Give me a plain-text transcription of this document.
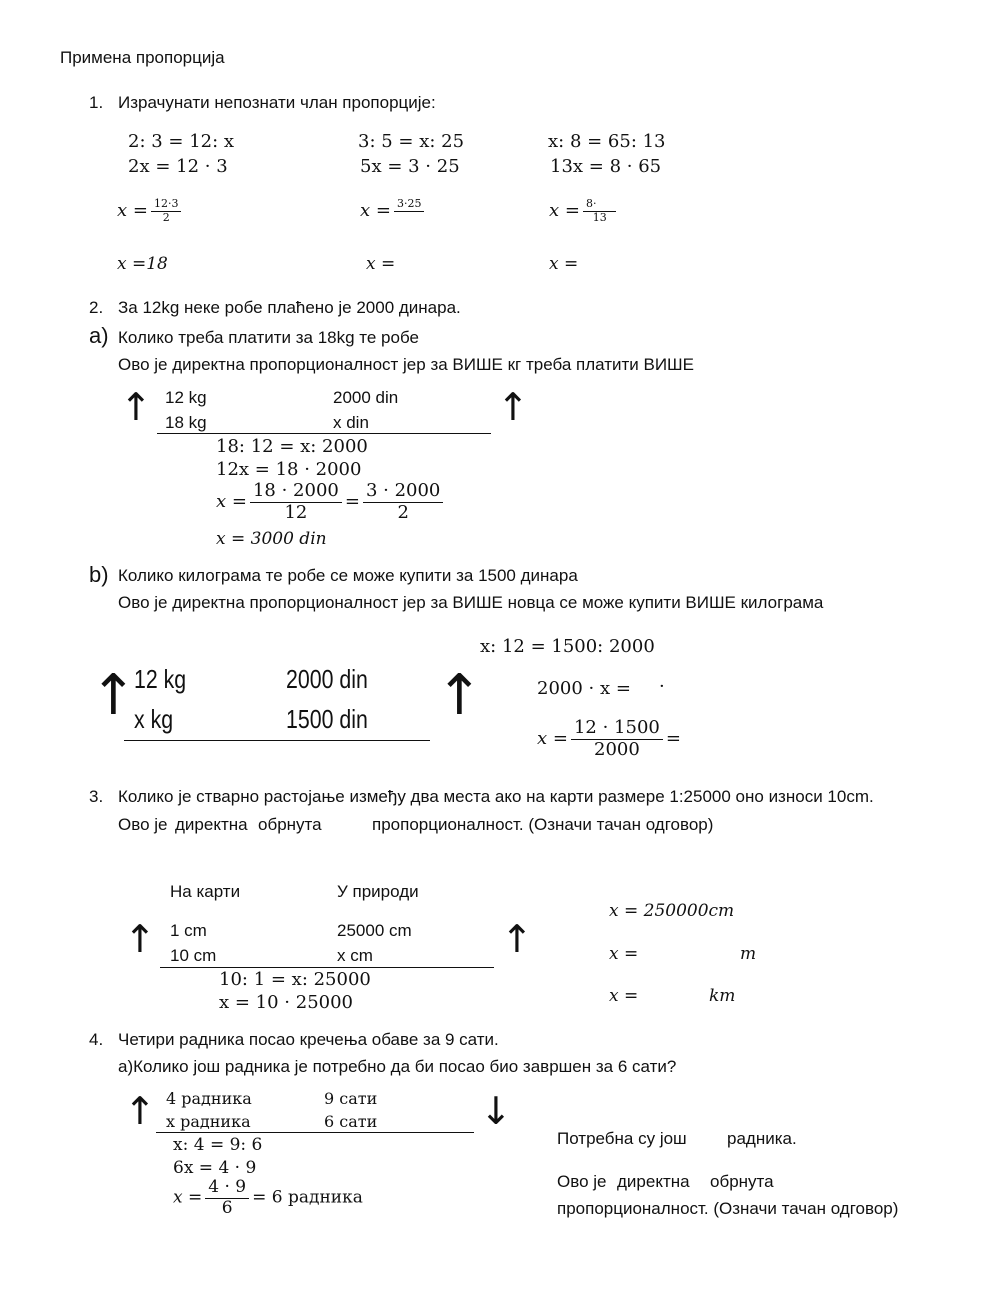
Примена пропорција
1. Израчунати непознати члан пропорције:
2: 3 = 12: x
2x = 12 · 3
$x = \frac{12\cdot 3}{2}$
x =18
3: 5 = x: 25
5x = 3 · 25
x = 3·25

x =
x: 8 = 65: 13
13x = 8 · 65
$x = \frac{8\cdot}{13}$
x =
2. За 12kg неке робе плаћено је 2000 динара.
a) Колико треба платити за 18kg те робе
Ово је директна пропорционалност јер за ВИШЕ кг треба платити ВИШЕ
↑ 12 kg	2000 din
18 kg	x din	↑
18: 12 = x: 2000
12x = 18 · 2000
$x = \frac{18 \cdot 2000}{12} = \frac{3 \cdot 2000}{2}$
x = 3000 din
b) Колико килограма те робе се може купити за 1500 динара
Ово је директна пропорционалност јер за ВИШЕ новца се може купити ВИШЕ килограма
x: 12 = 1500: 2000
2000 · x = ·
$x = \frac{12 \cdot 1500}{2000}$ =
↑
12 kg	2000 din
x kg	1500 din ↑
3. Колико је стварно растојање између два места ако на карти размере 1:25000 оно износи 10cm.
Ово је директна обрнута	пропорционалност. (Означи тачан одговор)
На карти	У природи
↑ 1 cm	25000 cm
10 cm	x cm	↑
10: 1 = x: 25000
x = 10 · 25000
x = 250000cm
x =	m
x =	km
4. Четири радника посао кречења обаве за 9 сати.
а)Колико још радника је потребно да би посао био завршен за 6 сати?
↑ 4 радника	9 сати
x радника	6 сати	↓
x: 4 = 9: 6
6x = 4 · 9
$x = \frac{4 \cdot 9}{6} = 6$ радника
Потребна су још радника.
Ово је директна обрнута
пропорционалност. (Означи тачан одговор)
